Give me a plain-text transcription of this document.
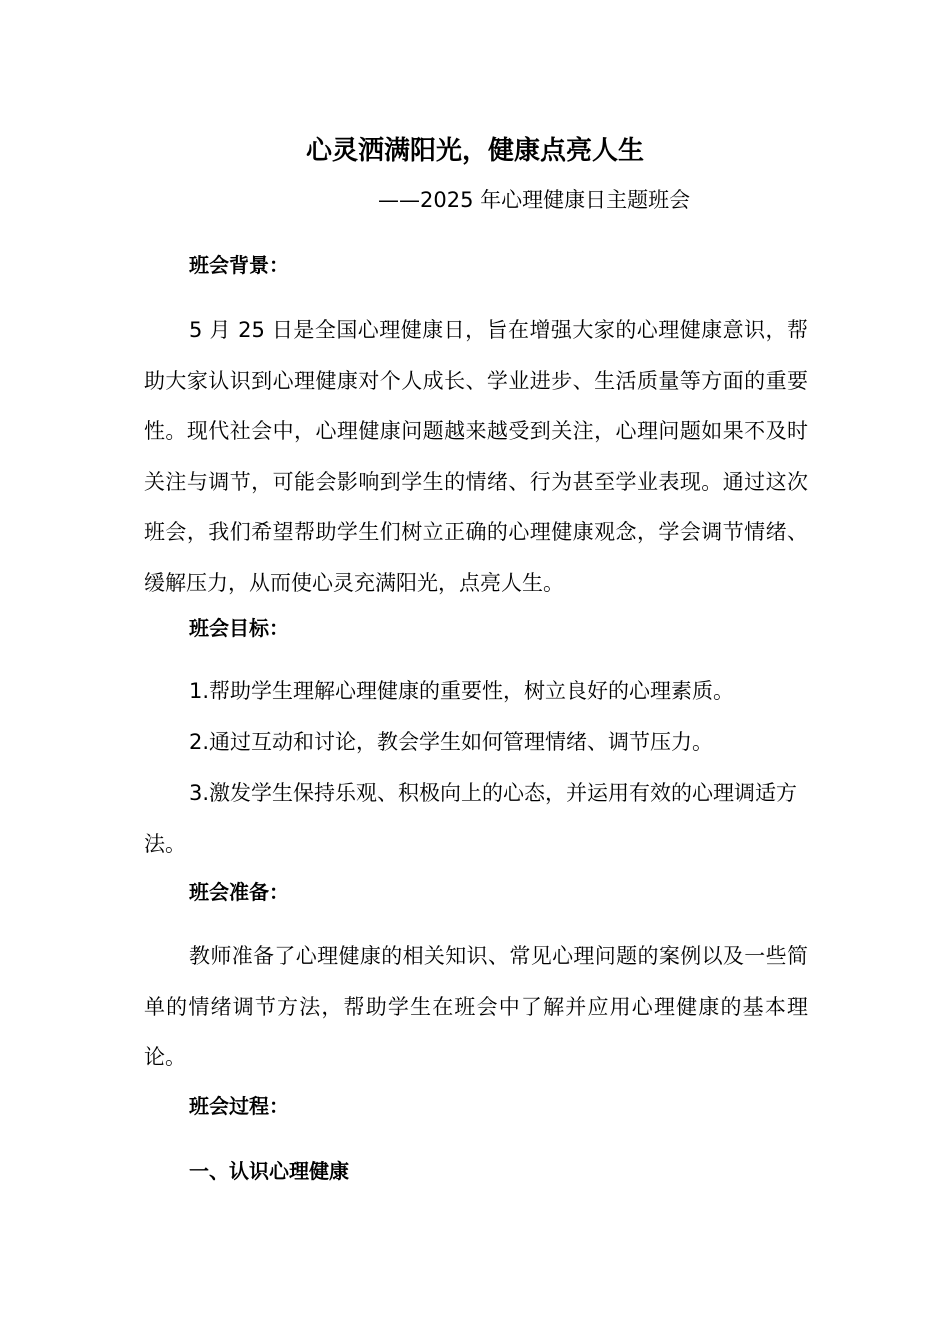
心灵洒满阳光，健康点亮人生
——2025 年心理健康日主题班会
班会背景：

5 月 25 日是全国心理健康日，旨在增强大家的心理健康意识，帮助大家认识到心理健康对个人成长、学业进步、生活质量等方面的重要性。现代社会中，心理健康问题越来越受到关注，心理问题如果不及时关注与调节，可能会影响到学生的情绪、行为甚至学业表现。通过这次班会，我们希望帮助学生们树立正确的心理健康观念，学会调节情绪、缓解压力，从而使心灵充满阳光，点亮人生。

班会目标：

1.帮助学生理解心理健康的重要性，树立良好的心理素质。

2.通过互动和讨论，教会学生如何管理情绪、调节压力。

3.激发学生保持乐观、积极向上的心态，并运用有效的心理调适方法。

班会准备：

教师准备了心理健康的相关知识、常见心理问题的案例以及一些简单的情绪调节方法，帮助学生在班会中了解并应用心理健康的基本理论。

班会过程：
一、认识心理健康
